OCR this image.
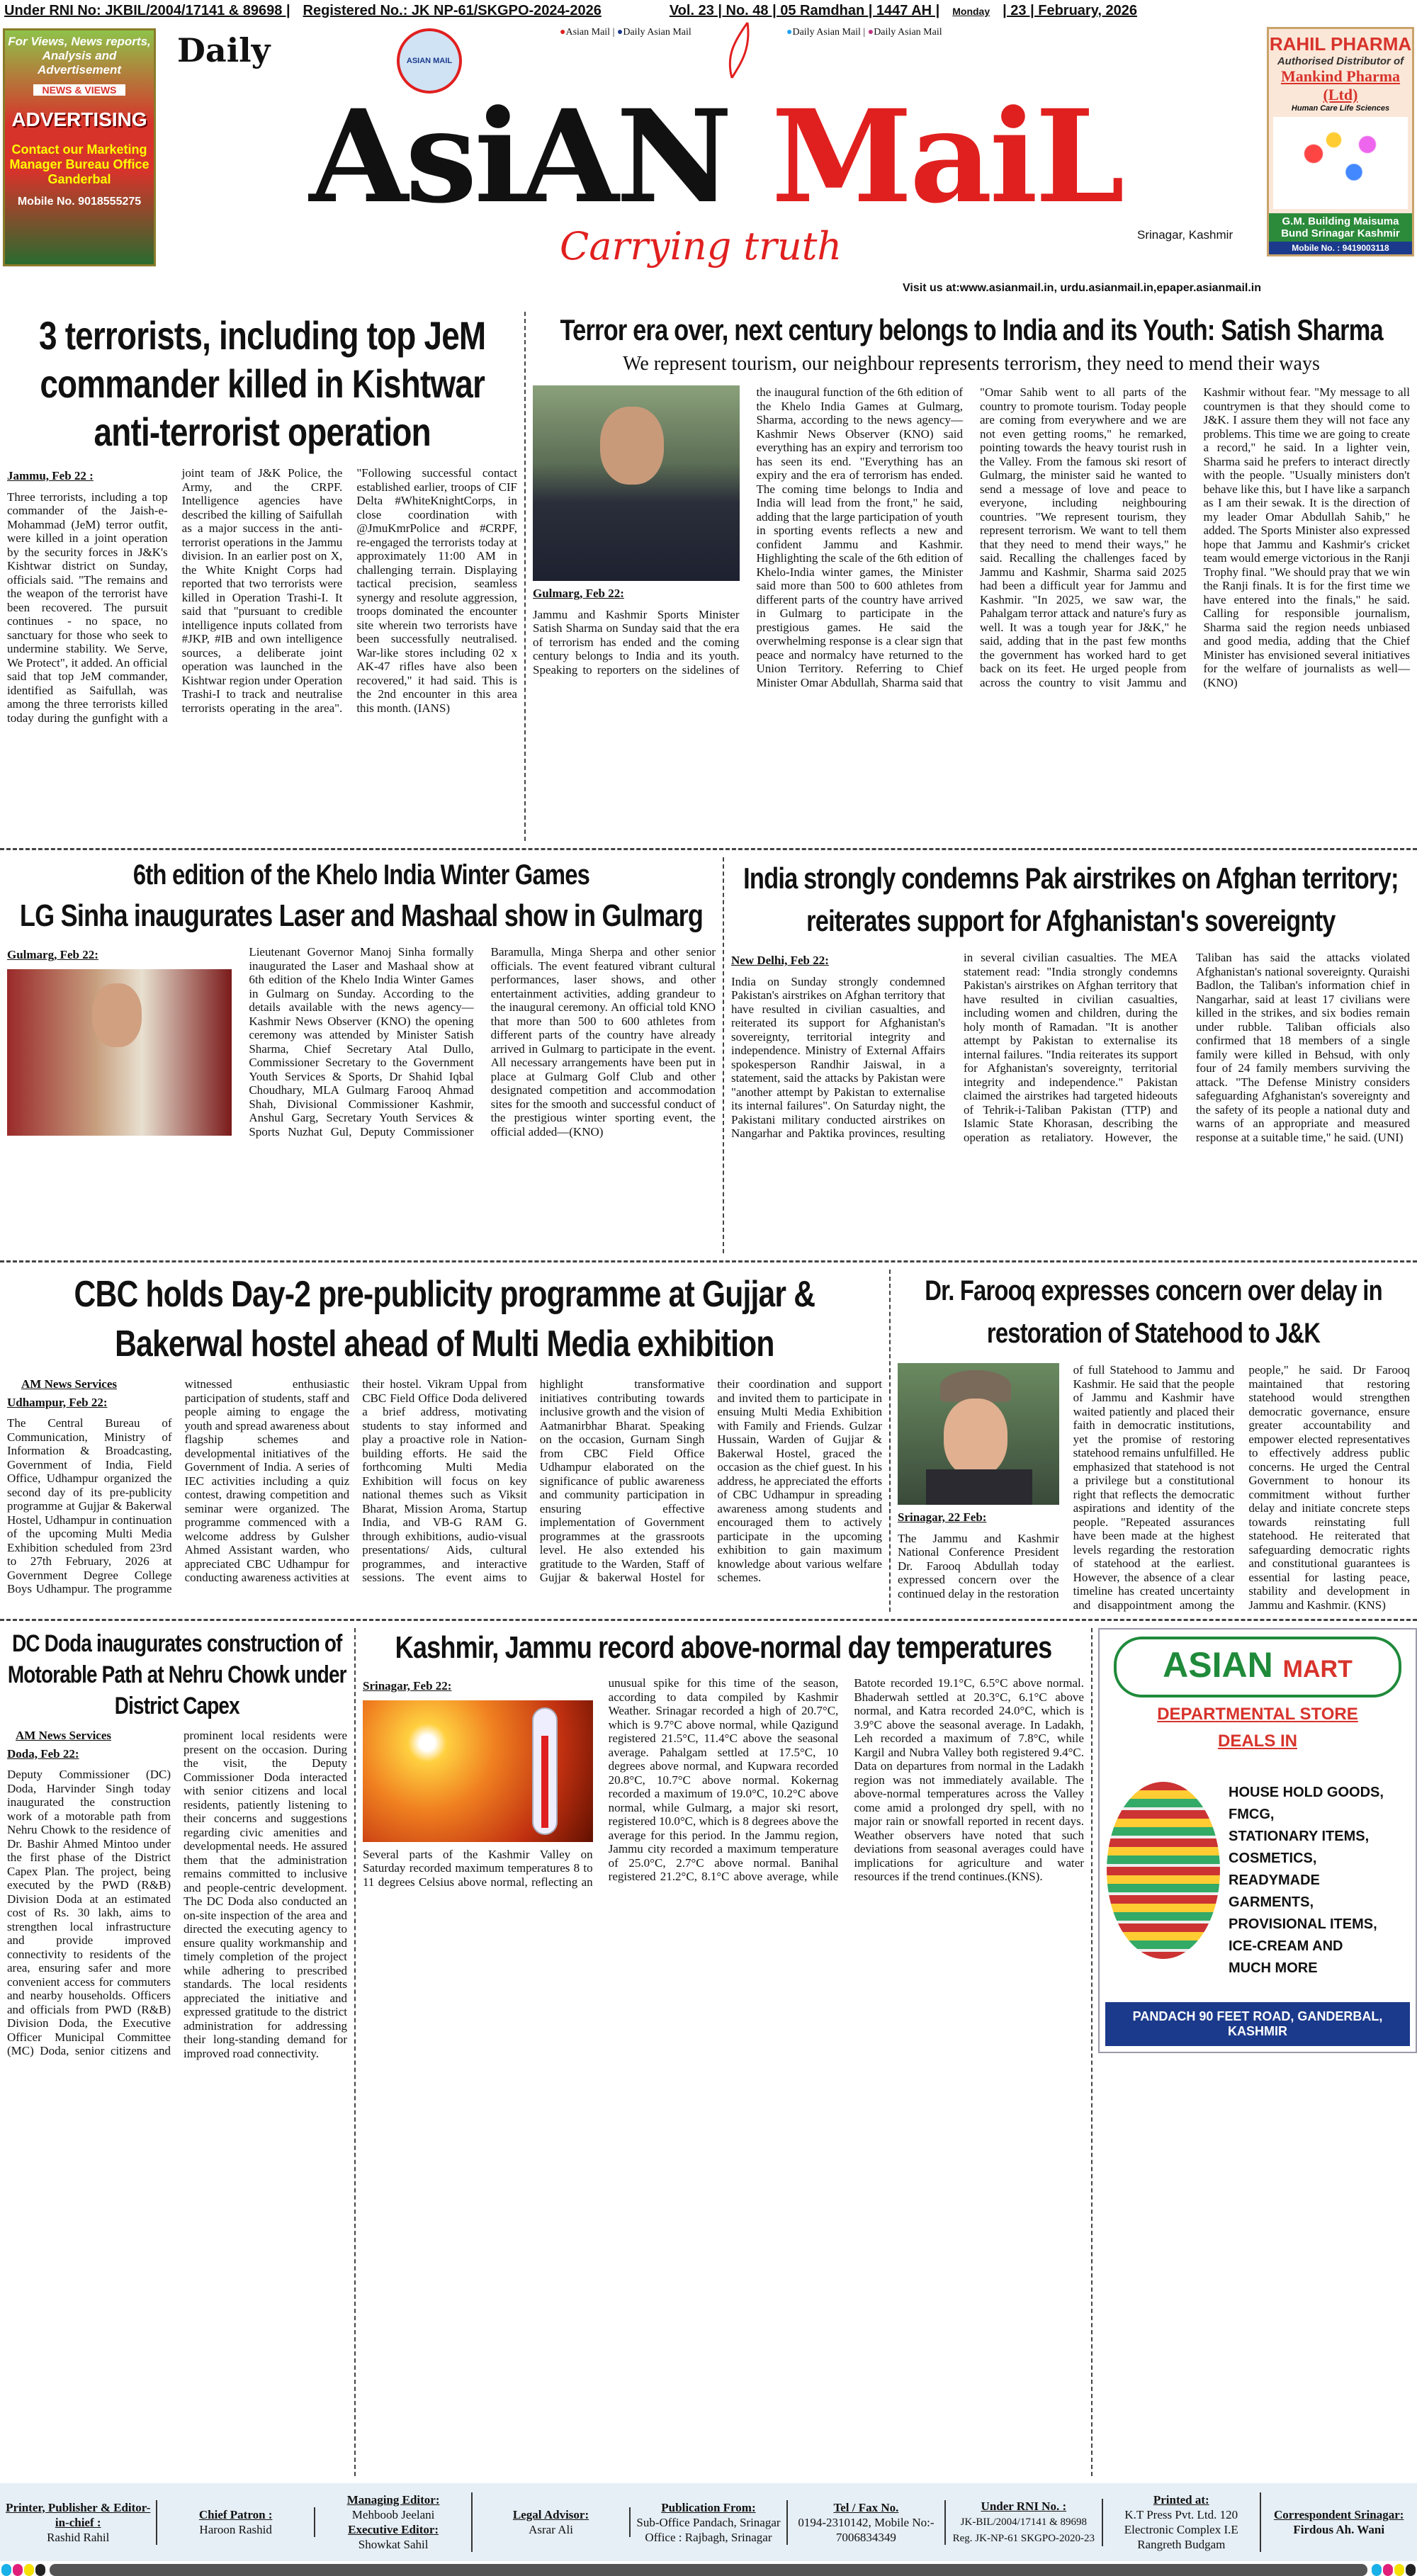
Under RNI No: JKBIL/2004/17141 & 89698 | Registered No.: JK NP-61/SKGPO-2024-2026	Vol. 23 | No. 48 | 05 Ramdhan | 1447 AH | Monday | 23 | February, 2026
●Asian Mail | ●Daily Asian Mail	●Daily Asian Mail | ●Daily Asian Mail
For Views, News reports, Analysis and Advertisement
NEWS & VIEWS
ADVERTISING
Contact our Marketing Manager Bureau Office Ganderbal
Mobile No. 9018555275
Daily	ASIAN MAIL
AsiAN MaiL
Carrying truth	Srinagar, Kashmir
Visit us at:www.asianmail.in, urdu.asianmail.in,epaper.asianmail.in
RAHIL PHARMA
Authorised Distributor of
Mankind Pharma (Ltd)
Human Care Life Sciences
G.M. Building Maisuma Bund Srinagar Kashmir
Mobile No. : 9419003118
3 terrorists, including top JeM commander killed in Kishtwar anti-terrorist operation
Jammu, Feb 22 :

Three terrorists, including a top commander of the Jaish-e-Mohammad (JeM) terror outfit, were killed in a joint operation by the security forces in J&K's Kishtwar district on Sunday, officials said. "The remains and the weapon of the terrorist have been recovered. The pursuit continues - no space, no sanctuary for those who seek to undermine stability. We Serve, We Protect", it added. An official said that top JeM commander, identified as Saifullah, was among the three terrorists killed today during the gunfight with a joint team of J&K Police, the Army, and the CRPF. Intelligence agencies have described the killing of Saifullah as a major success in the anti-terrorist operations in the Jammu division. In an earlier post on X, the White Knight Corps had reported that two terrorists were killed in Operation Trashi-I. It said that "pursuant to credible intelligence inputs collated from #JKP, #IB and own intelligence sources, a deliberate joint operation was launched in the Kishtwar region under Operation Trashi-I to track and neutralise terrorists operating in the area". "Following successful contact established earlier, troops of CIF Delta #WhiteKnightCorps, in close coordination with @JmuKmrPolice and #CRPF, re-engaged the terrorists today at approximately 11:00 AM in challenging terrain. Displaying tactical precision, seamless synergy and resolute aggression, troops dominated the encounter site wherein two terrorists have been successfully neutralised. War-like stores including 02 x AK-47 rifles have also been recovered," it had said. This is the 2nd encounter in this area this month. (IANS)

Terror era over, next century belongs to India and its Youth: Satish Sharma
We represent tourism, our neighbour represents terrorism, they need to mend their ways
Gulmarg, Feb 22:

Jammu and Kashmir Sports Minister Satish Sharma on Sunday said that the era of terrorism has ended and the coming century belongs to India and its youth. Speaking to reporters on the sidelines of the inaugural function of the 6th edition of the Khelo India Games at Gulmarg, Sharma, according to the news agency—Kashmir News Observer (KNO) said everything has an expiry and terrorism too has seen its end. "Everything has an expiry and the era of terrorism has ended. The coming time belongs to India and India will lead from the front," he said, adding that the large participation of youth in sporting events reflects a new and confident Jammu and Kashmir. Highlighting the scale of the 6th edition of Khelo-India winter games, the Minister said more than 500 to 600 athletes from different parts of the country have arrived in Gulmarg to participate in the prestigious games. He said the overwhelming response is a clear sign that peace and normalcy have returned to the Union Territory. Referring to Chief Minister Omar Abdullah, Sharma said that "Omar Sahib went to all parts of the country to promote tourism. Today people are coming from everywhere and we are not even getting rooms," he remarked, pointing towards the heavy tourist rush in the Valley. From the famous ski resort of Gulmarg, the minister said he wanted to send a message of love and peace to everyone, including neighbouring countries. "We represent tourism, they represent terrorism. We want to tell them that they need to mend their ways," he said. Recalling the challenges faced by Jammu and Kashmir, Sharma said 2025 had been a difficult year for Jammu and Kashmir. "In 2025, we saw war, the Pahalgam terror attack and nature's fury as well. It was a tough year for J&K," he said, adding that in the past few months the government has worked hard to get back on its feet. He urged people from across the country to visit Jammu and Kashmir without fear. "My message to all countrymen is that they should come to J&K. I assure them they will not face any problems. This time we are going to create a record," he said. In a lighter vein, Sharma said he prefers to interact directly with the people. "Usually ministers don't behave like this, but I have like a sarpanch as I am their sewak. It is the direction of my leader Omar Abdullah Sahib," he added. The Sports Minister also expressed hope that Jammu and Kashmir's cricket team would emerge victorious in the Ranji Trophy final. "We should pray that we win the Ranji finals. It is for the first time we have entered into the finals," he said. Calling for responsible journalism, Sharma said the region needs unbiased and good media, adding that the Chief Minister has envisioned several initiatives for the welfare of journalists as well—(KNO)

6th edition of the Khelo India Winter Games
LG Sinha inaugurates Laser and Mashaal show in Gulmarg
Gulmarg, Feb 22:	Lieutenant Governor Manoj Sinha formally inaugurated the Laser and Mashaal show at 6th edition of the Khelo India Winter Games in Gulmarg on Sunday. According to the details available with the news agency—Kashmir News Observer (KNO) the opening ceremony was attended by Minister Satish Sharma, Chief Secretary Atal Dullo, Commissioner Secretary to the Government Youth Services & Sports, Dr Shahid Iqbal Choudhary, MLA Gulmarg Farooq Ahmad Shah, Divisional Commissioner Kashmir, Anshul Garg, Secretary Youth Services & Sports Nuzhat Gul, Deputy Commissioner Baramulla, Minga Sherpa and other senior officials. The event featured vibrant cultural performances, laser shows, and other entertainment activities, adding grandeur to the inaugural ceremony. An official told KNO that more than 500 to 600 athletes from different parts of the country have already arrived in Gulmarg to participate in the event. All necessary arrangements have been put in place at Gulmarg Golf Club and other designated competition and accommodation sites for the smooth and successful conduct of the prestigious winter sporting event, the official added—(KNO)

India strongly condemns Pak airstrikes on Afghan territory; reiterates support for Afghanistan's sovereignty
New Delhi, Feb 22:

India on Sunday strongly condemned Pakistan's airstrikes on Afghan territory that have resulted in civilian casualties, and reiterated its support for Afghanistan's sovereignty, territorial integrity and independence. Ministry of External Affairs spokesperson Randhir Jaiswal, in a statement, said the attacks by Pakistan were "another attempt by Pakistan to externalise its internal failures". On Saturday night, the Pakistani military conducted airstrikes on Nangarhar and Paktika provinces, resulting in several civilian casualties. The MEA statement read: "India strongly condemns Pakistan's airstrikes on Afghan territory that have resulted in civilian casualties, including women and children, during the holy month of Ramadan. "It is another attempt by Pakistan to externalise its internal failures. "India reiterates its support for Afghanistan's sovereignty, territorial integrity and independence." Pakistan claimed the airstrikes had targeted hideouts of Tehrik-i-Taliban Pakistan (TTP) and Islamic State Khorasan, describing the operation as retaliatory. However, the Taliban has said the attacks violated Afghanistan's national sovereignty. Quraishi Badlon, the Taliban's information chief in Nangarhar, said at least 17 civilians were killed in the strikes, and six bodies remain under rubble. Taliban officials also confirmed that 18 members of a single family were killed in Behsud, with only four of 24 family members surviving the attack. "The Defense Ministry considers safeguarding Afghanistan's sovereignty and the safety of its people a national duty and warns of an appropriate and measured response at a suitable time," he said. (UNI)

CBC holds Day-2 pre-publicity programme at Gujjar & Bakerwal hostel ahead of Multi Media exhibition
AM News Services
Udhampur, Feb 22:

The Central Bureau of Communication, Ministry of Information & Broadcasting, Government of India, Field Office, Udhampur organized the second day of its pre-publicity programme at Gujjar & Bakerwal Hostel, Udhampur in continuation of the upcoming Multi Media Exhibition scheduled from 23rd to 27th February, 2026 at Government Degree College Boys Udhampur. The programme witnessed enthusiastic participation of students, staff and people aiming to engage the youth and spread awareness about flagship schemes and developmental initiatives of the Government of India. A series of IEC activities including a quiz contest, drawing competition and seminar were organized. The programme commenced with a welcome address by Gulsher Ahmed Assistant warden, who appreciated CBC Udhampur for conducting awareness activities at their hostel. Vikram Uppal from CBC Field Office Doda delivered a brief address, motivating students to stay informed and play a proactive role in Nation-building efforts. He said the forthcoming Multi Media Exhibition will focus on key national themes such as Viksit Bharat, Mission Aroma, Startup India, and VB-G RAM G. through exhibitions, audio-visual presentations/ Aids, cultural programmes, and interactive sessions. The event aims to highlight transformative initiatives contributing towards inclusive growth and the vision of Aatmanirbhar Bharat. Speaking on the occasion, Gurnam Singh from CBC Field Office Udhampur elaborated on the significance of public awareness and community participation in ensuring effective implementation of Government programmes at the grassroots level. He also extended his gratitude to the Warden, Staff of Gujjar & bakerwal Hostel for their coordination and support and invited them to participate in ensuing Multi Media Exhibition with Family and Friends. Gulzar Hussain, Warden of Gujjar & Bakerwal Hostel, graced the occasion as the chief guest. In his address, he appreciated the efforts of CBC Udhampur in spreading awareness among students and encouraged them to actively participate in the upcoming exhibition to gain maximum knowledge about various welfare schemes.

Dr. Farooq expresses concern over delay in restoration of Statehood to J&K
Srinagar, 22 Feb:

The Jammu and Kashmir National Conference President Dr. Farooq Abdullah today expressed concern over the continued delay in the restoration of full Statehood to Jammu and Kashmir. He said that the people of Jammu and Kashmir have waited patiently and placed their faith in democratic institutions, yet the promise of restoring statehood remains unfulfilled. He emphasized that statehood is not a privilege but a constitutional right that reflects the democratic aspirations and identity of the people. "Repeated assurances have been made at the highest levels regarding the restoration of statehood at the earliest. However, the absence of a clear timeline has created uncertainty and disappointment among the people," he said. Dr Farooq maintained that restoring statehood would strengthen democratic governance, ensure greater accountability and empower elected representatives to effectively address public concerns. He urged the Central Government to honour its commitment without further delay and initiate concrete steps towards reinstating full statehood. He reiterated that safeguarding democratic rights and constitutional guarantees is essential for lasting peace, stability and development in Jammu and Kashmir. (KNS)

DC Doda inaugurates construction of Motorable Path at Nehru Chowk under District Capex
AM News Services
Doda, Feb 22:

Deputy Commissioner (DC) Doda, Harvinder Singh today inaugurated the construction work of a motorable path from Nehru Chowk to the residence of Dr. Bashir Ahmed Mintoo under the first phase of the District Capex Plan. The project, being executed by the PWD (R&B) Division Doda at an estimated cost of Rs. 30 lakh, aims to strengthen local infrastructure and provide improved connectivity to residents of the area, ensuring safer and more convenient access for commuters and nearby households. Officers and officials from PWD (R&B) Division Doda, the Executive Officer Municipal Committee (MC) Doda, senior citizens and prominent local residents were present on the occasion. During the visit, the Deputy Commissioner Doda interacted with senior citizens and local residents, patiently listening to their concerns and suggestions regarding civic amenities and developmental needs. He assured them that the administration remains committed to inclusive and people-centric development. The DC Doda also conducted an on-site inspection of the area and directed the executing agency to ensure quality workmanship and timely completion of the project while adhering to prescribed standards. The local residents appreciated the initiative and expressed gratitude to the district administration for addressing their long-standing demand for improved road connectivity.

Kashmir, Jammu record above-normal day temperatures
Srinagar, Feb 22:

Several parts of the Kashmir Valley on Saturday recorded maximum temperatures 8 to 11 degrees Celsius above normal, reflecting an unusual spike for this time of the season, according to data compiled by Kashmir Weather. Srinagar recorded a high of 20.7°C, which is 9.7°C above normal, while Qazigund registered 21.5°C, 11.4°C above the seasonal average. Pahalgam settled at 17.5°C, 10 degrees above normal, and Kupwara recorded 20.8°C, 10.7°C above normal. Kokernag recorded a maximum of 19.0°C, 10.2°C above normal, while Gulmarg, a major ski resort, registered 10.0°C, which is 8 degrees above the average for this period. In the Jammu region, Jammu city recorded a maximum temperature of 25.0°C, 2.7°C above normal. Banihal registered 21.2°C, 8.1°C above average, while Batote recorded 19.1°C, 6.5°C above normal. Bhaderwah settled at 20.3°C, 6.1°C above normal, and Katra recorded 24.0°C, which is 3.9°C above the seasonal average. In Ladakh, Leh recorded a maximum of 7.8°C, while Kargil and Nubra Valley both registered 9.4°C. Data on departures from normal in the Ladakh region was not immediately available. The above-normal temperatures across the Valley come amid a prolonged dry spell, with no major rain or snowfall reported in recent days. Weather observers have noted that such deviations from seasonal averages could have implications for agriculture and water resources if the trend continues.(KNS).

ASIAN MART
DEPARTMENTAL STORE
DEALS IN
HOUSE HOLD GOODS,
FMCG,
STATIONARY ITEMS,
COSMETICS,
READYMADE
GARMENTS,
PROVISIONAL ITEMS,
ICE-CREAM AND
MUCH MORE
PANDACH 90 FEET ROAD, GANDERBAL, KASHMIR
Printer, Publisher & Editor-in-chief :
Rashid Rahil
Chief Patron :
Haroon Rashid
Managing Editor:
Mehboob Jeelani
Executive Editor:
Showkat Sahil
Legal Advisor:
Asrar Ali
Publication From:
Sub-Office Pandach, Srinagar
Office : Rajbagh, Srinagar
Tel / Fax No.
0194-2310142, Mobile No:- 7006834349
Under RNI No. :
JK-BIL/2004/17141 & 89698 Reg. JK-NP-61 SKGPO-2020-23
Printed at:
K.T Press Pvt. Ltd. 120 Electronic Complex I.E Rangreth Budgam
Correspondent Srinagar:
Firdous Ah. Wani
